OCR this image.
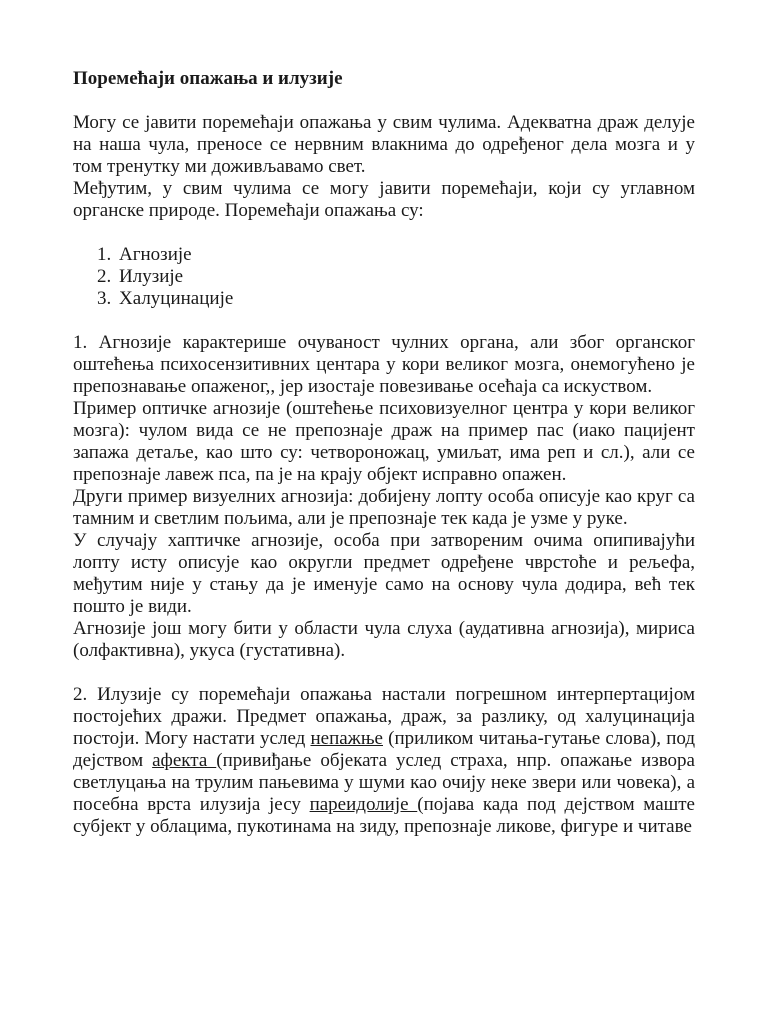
Поремећаји опажања и илузије

Могу се јавити поремећаји опажања у свим чулима. Адекватна драж делује на наша чула, преносе се нервним влакнима до одређеног дела мозга и у том тренутку ми доживљавамо свет.

Међутим, у свим чулима се могу јавити поремећаји, који су углавном органске природе. Поремећаји опажања су:

1. Агнозије
2. Илузије
3. Халуцинације

1. Агнозије карактерише очуваност чулних органа, али због органског оштећења психосензитивних центара у кори великог мозга, онемогућено је препознавање опаженог,, јер изостаје повезивање осећаја са искуством.

Пример оптичке агнозије (оштећење психовизуелног центра у кори великог мозга): чулом вида се не препознаје драж на пример пас (иако пацијент запажа детаље, као што су: четвороножац, умиљат, има реп и сл.), али се препознаје лавеж пса, па је на крају објект исправно опажен.

Други пример визуелних агнозија: добијену лопту особа описује као круг са тамним и светлим пољима, али је препознаје тек када је узме у руке.

У случају хаптичке агнозије, особа при затвореним очима опипивајући лопту исту описује као округли предмет одређене чврстоће и рељефа, међутим није у стању да је именује само на основу чула додира, већ тек пошто је види.

Агнозије још могу бити у области чула слуха (аудативна агнозија), мириса (олфактивна), укуса (густативна).

2. Илузије су поремећаји опажања настали погрешном интерпертацијом постојећих дражи. Предмет опажања, драж, за разлику, од халуцинација постоји. Могу настати услед непажње (приликом читања-гутање слова), под дејством афекта (привиђање објеката услед страха, нпр. опажање извора светлуцања на трулим пањевима у шуми као очију неке звери или човека), а посебна врста илузија јесу пареидолије (појава када под дејством маште субјект у облацима, пукотинама на зиду, препознаје ликове, фигуре и читаве
